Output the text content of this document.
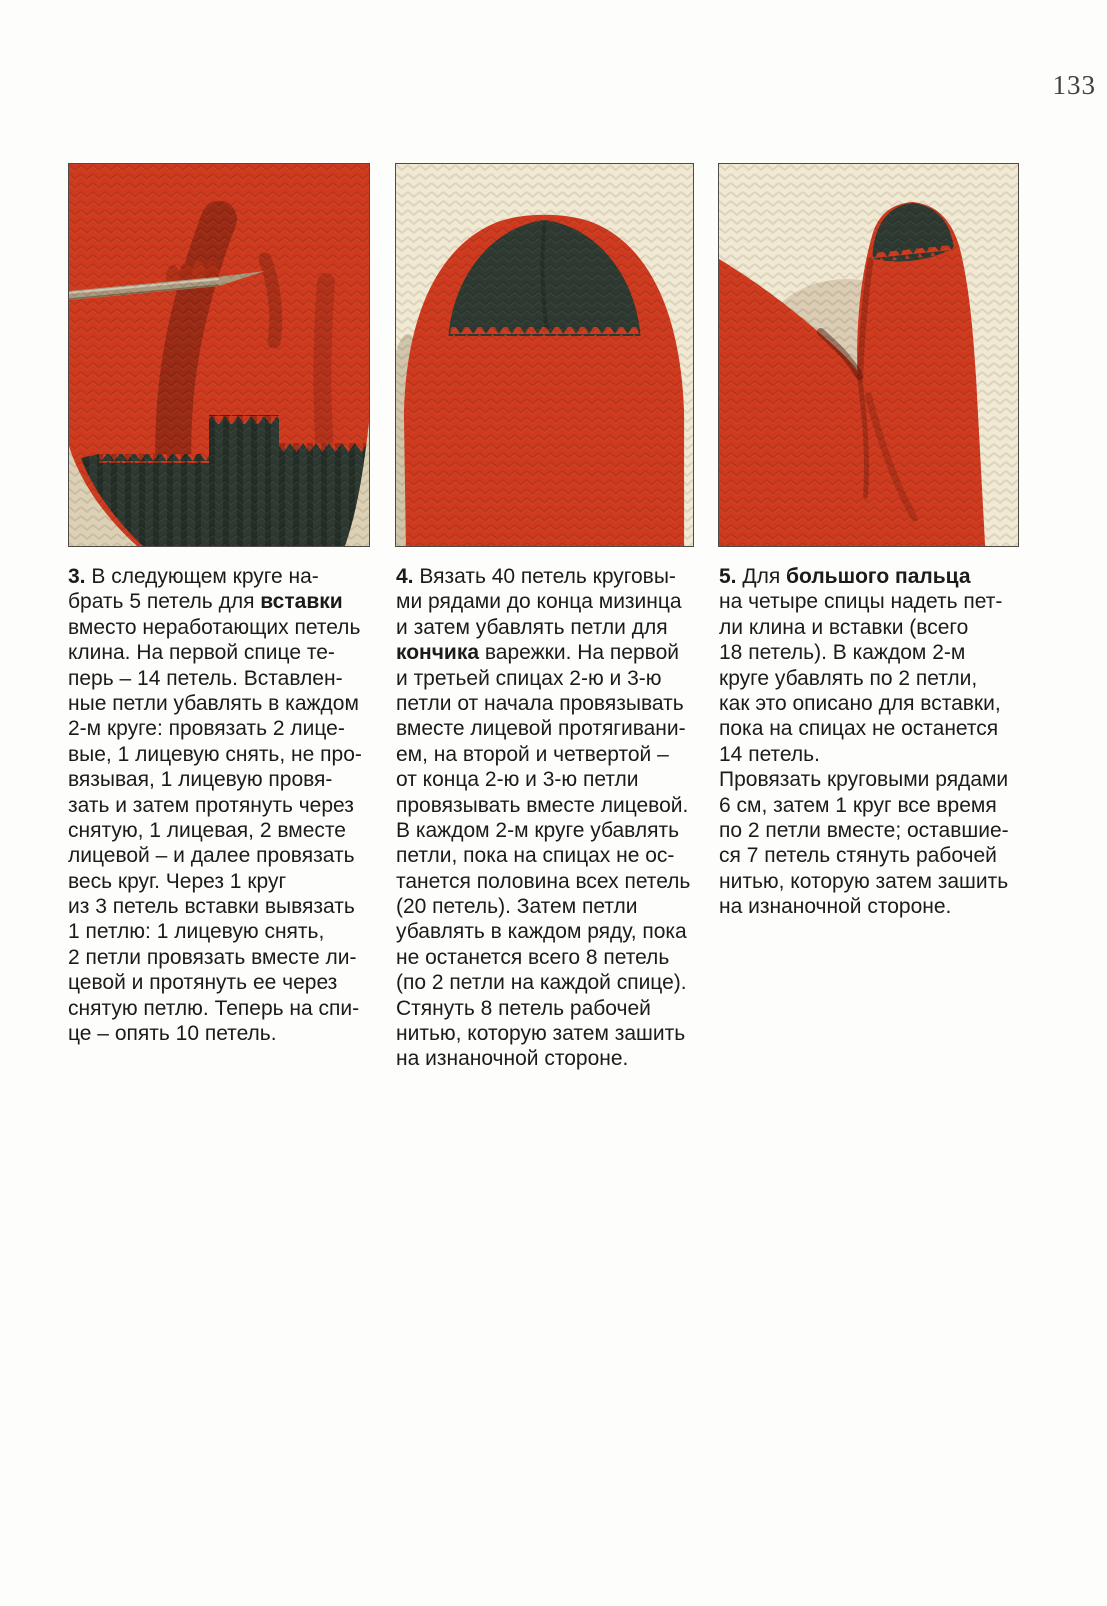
133
3. В следующем круге на-
брать 5 петель для вставки
вместо неработающих петель
клина. На первой спице те-
перь – 14 петель. Вставлен-
ные петли убавлять в каждом
2-м круге: провязать 2 лице-
вые, 1 лицевую снять, не про-
вязывая, 1 лицевую провя-
зать и затем протянуть через
снятую, 1 лицевая, 2 вместе
лицевой – и далее провязать
весь круг. Через 1 круг
из 3 петель вставки вывязать
1 петлю: 1 лицевую снять,
2 петли провязать вместе ли-
цевой и протянуть ее через
снятую петлю. Теперь на спи-
це – опять 10 петель.
4. Вязать 40 петель круговы-
ми рядами до конца мизинца
и затем убавлять петли для
кончика варежки. На первой
и третьей спицах 2-ю и 3-ю
петли от начала провязывать
вместе лицевой протягивани-
ем, на второй и четвертой –
от конца 2-ю и 3-ю петли
провязывать вместе лицевой.
В каждом 2-м круге убавлять
петли, пока на спицах не ос-
танется половина всех петель
(20 петель). Затем петли
убавлять в каждом ряду, пока
не останется всего 8 петель
(по 2 петли на каждой спице).
Стянуть 8 петель рабочей
нитью, которую затем зашить
на изнаночной стороне.
5. Для большого пальца
на четыре спицы надеть пет-
ли клина и вставки (всего
18 петель). В каждом 2-м
круге убавлять по 2 петли,
как это описано для вставки,
пока на спицах не останется
14 петель.
Провязать круговыми рядами
6 см, затем 1 круг все время
по 2 петли вместе; оставшие-
ся 7 петель стянуть рабочей
нитью, которую затем зашить
на изнаночной стороне.
